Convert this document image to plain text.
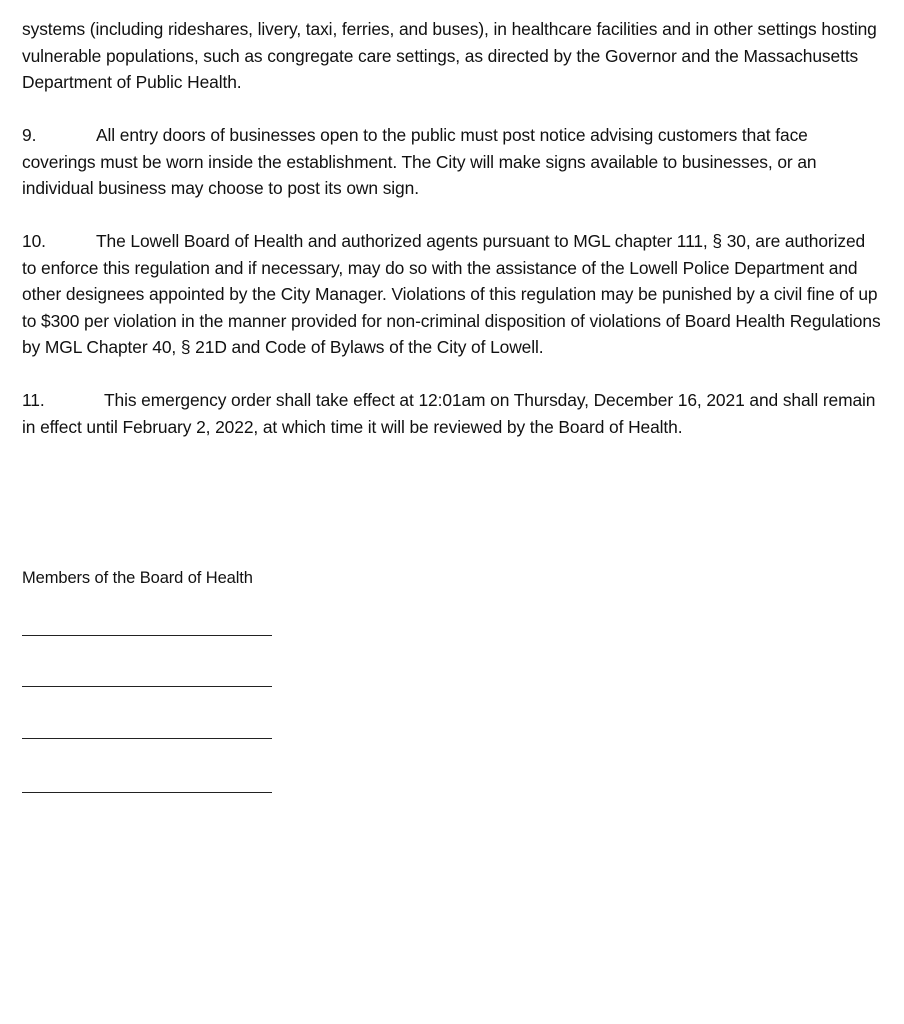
systems (including rideshares, livery, taxi, ferries, and buses), in healthcare facilities and in other settings hosting vulnerable populations, such as congregate care settings, as directed by the Governor and the Massachusetts Department of Public Health.

9.	All entry doors of businesses open to the public must post notice advising customers that face coverings must be worn inside the establishment. The City will make signs available to businesses, or an individual business may choose to post its own sign.

10.	The Lowell Board of Health and authorized agents pursuant to MGL chapter 111, § 30, are authorized to enforce this regulation and if necessary, may do so with the assistance of the Lowell Police Department and other designees appointed by the City Manager. Violations of this regulation may be punished by a civil fine of up to $300 per violation in the manner provided for non-criminal disposition of violations of Board Health Regulations by MGL Chapter 40, § 21D and Code of Bylaws of the City of Lowell.

11.	This emergency order shall take effect at 12:01am on Thursday, December 16, 2021 and shall remain in effect until February 2, 2022, at which time it will be reviewed by the Board of Health.

Members of the Board of Health
